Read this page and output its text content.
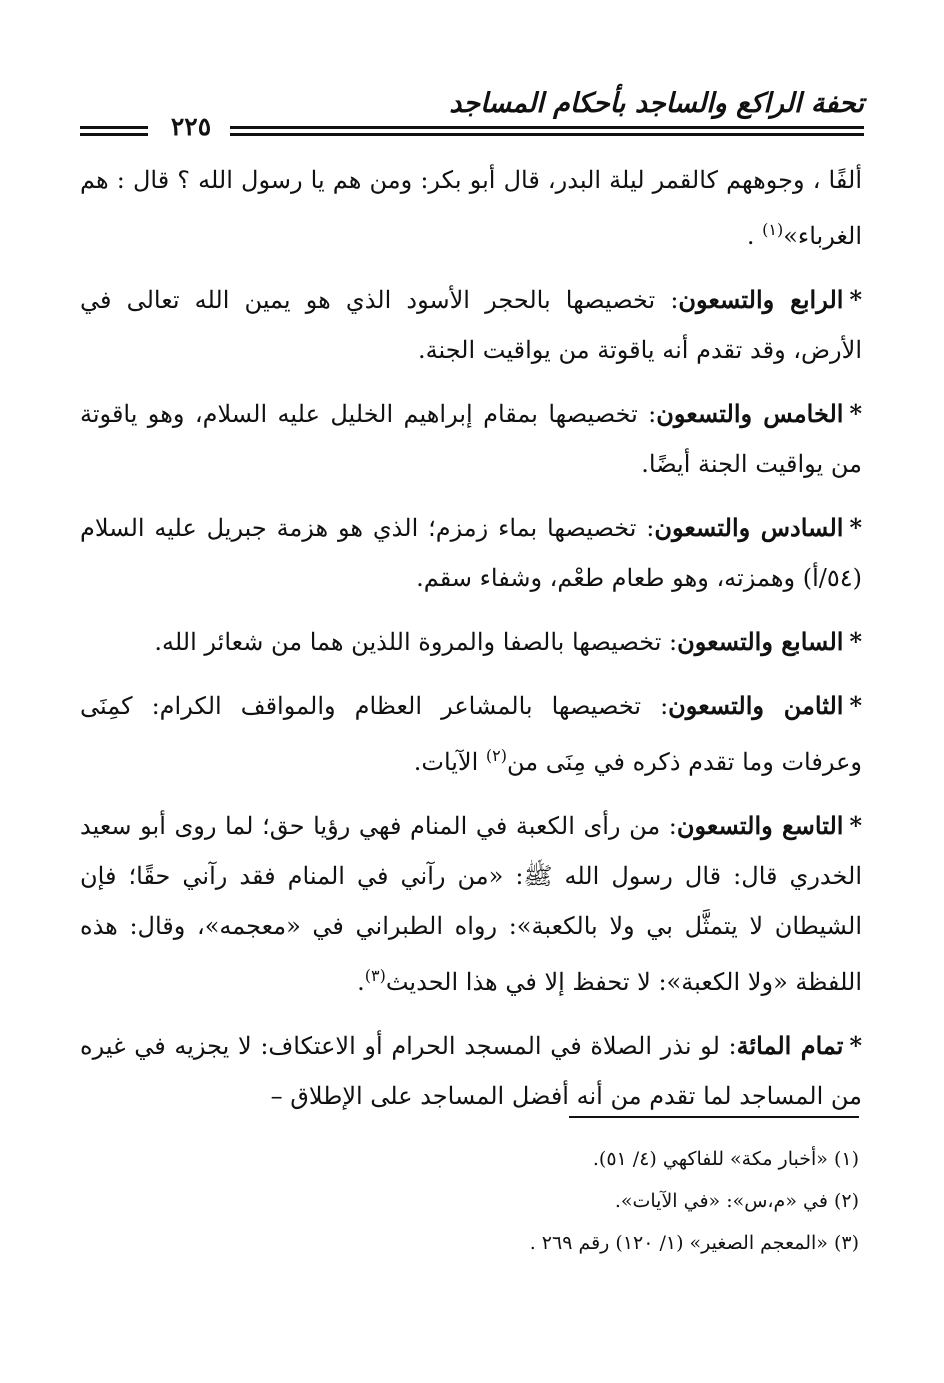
تحفة الراكع والساجد بأحكام المساجد
٢٢٥

ألفًا ، وجوههم كالقمر ليلة البدر، قال أبو بكر: ومن هم يا رسول الله ؟ قال : هم الغرباء»$^{(١)}$ .

*الرابع والتسعون: تخصيصها بالحجر الأسود الذي هو يمين الله تعالى في الأرض، وقد تقدم أنه ياقوتة من يواقيت الجنة.

*الخامس والتسعون: تخصيصها بمقام إبراهيم الخليل عليه السلام، وهو ياقوتة من يواقيت الجنة أيضًا.

*السادس والتسعون: تخصيصها بماء زمزم؛ الذي هو هزمة جبريل عليه السلام (٥٤/أ) وهمزته، وهو طعام طعْم، وشفاء سقم.

*السابع والتسعون: تخصيصها بالصفا والمروة اللذين هما من شعائر الله.

*الثامن والتسعون: تخصيصها بالمشاعر العظام والمواقف الكرام: كمِنَى وعرفات وما تقدم ذكره في مِنَى من$^{(٢)}$ الآيات.

*التاسع والتسعون: من رأى الكعبة في المنام فهي رؤيا حق؛ لما روى أبو سعيد الخدري قال: قال رسول الله ﷺ: «من رآني في المنام فقد رآني حقًا؛ فإن الشيطان لا يتمثَّل بي ولا بالكعبة»: رواه الطبراني في «معجمه»، وقال: هذه اللفظة «ولا الكعبة»: لا تحفظ إلا في هذا الحديث$^{(٣)}$.

*تمام المائة: لو نذر الصلاة في المسجد الحرام أو الاعتكاف: لا يجزيه في غيره من المساجد لما تقدم من أنه أفضل المساجد على الإطلاق –

(١) «أخبار مكة» للفاكهي (٤/ ٥١).

(٢) في «م،س»: «في الآيات».

(٣) «المعجم الصغير» (١/ ١٢٠) رقم ٢٦٩ .
